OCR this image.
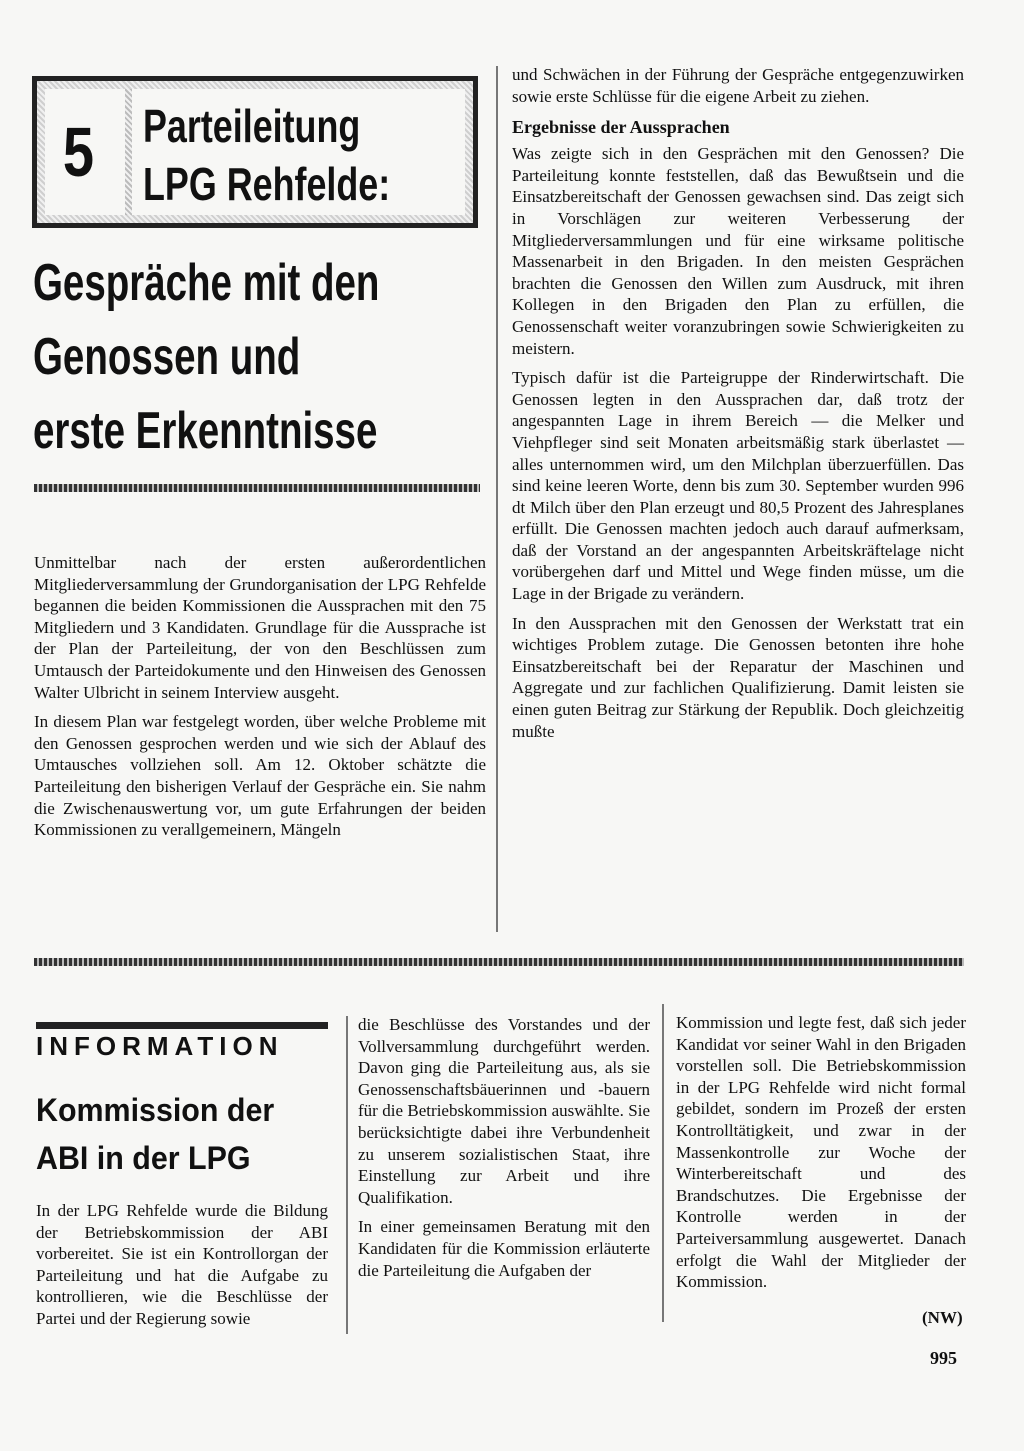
5 Parteileitung
LPG Rehfelde:
Gespräche mit den
Genossen und
erste Erkenntnisse

Unmittelbar nach der ersten außerordentlichen Mitgliederversammlung der Grundorganisation der LPG Rehfelde begannen die beiden Kommissionen die Aussprachen mit den 75 Mitgliedern und 3 Kandidaten. Grundlage für die Aussprache ist der Plan der Parteileitung, der von den Beschlüssen zum Umtausch der Parteidokumente und den Hinweisen des Genossen Walter Ulbricht in seinem Interview ausgeht.

In diesem Plan war festgelegt worden, über welche Probleme mit den Genossen gesprochen werden und wie sich der Ablauf des Umtausches vollziehen soll. Am 12. Oktober schätzte die Parteileitung den bisherigen Verlauf der Gespräche ein. Sie nahm die Zwischenauswertung vor, um gute Erfahrungen der beiden Kommissionen zu verallgemeinern, Mängeln

und Schwächen in der Führung der Gespräche entgegenzuwirken sowie erste Schlüsse für die eigene Arbeit zu ziehen.

Ergebnisse der Aussprachen

Was zeigte sich in den Gesprächen mit den Genossen? Die Parteileitung konnte feststellen, daß das Bewußtsein und die Einsatzbereitschaft der Genossen gewachsen sind. Das zeigt sich in Vorschlägen zur weiteren Verbesserung der Mitgliederversammlungen und für eine wirksame politische Massenarbeit in den Brigaden. In den meisten Gesprächen brachten die Genossen den Willen zum Ausdruck, mit ihren Kollegen in den Brigaden den Plan zu erfüllen, die Genossenschaft weiter voranzubringen sowie Schwierigkeiten zu meistern.

Typisch dafür ist die Parteigruppe der Rinderwirtschaft. Die Genossen legten in den Aussprachen dar, daß trotz der angespannten Lage in ihrem Bereich — die Melker und Viehpfleger sind seit Monaten arbeitsmäßig stark überlastet — alles unternommen wird, um den Milchplan überzuerfüllen. Das sind keine leeren Worte, denn bis zum 30. September wurden 996 dt Milch über den Plan erzeugt und 80,5 Prozent des Jahresplanes erfüllt. Die Genossen machten jedoch auch darauf aufmerksam, daß der Vorstand an der angespannten Arbeitskräftelage nicht vorübergehen darf und Mittel und Wege finden müsse, um die Lage in der Brigade zu verändern.

In den Aussprachen mit den Genossen der Werkstatt trat ein wichtiges Problem zutage. Die Genossen betonten ihre hohe Einsatzbereitschaft bei der Reparatur der Maschinen und Aggregate und zur fachlichen Qualifizierung. Damit leisten sie einen guten Beitrag zur Stärkung der Republik. Doch gleichzeitig mußte

INFORMATION
Kommission der
ABI in der LPG

In der LPG Rehfelde wurde die Bildung der Betriebskommission der ABI vorbereitet. Sie ist ein Kontrollorgan der Parteileitung und hat die Aufgabe zu kontrollieren, wie die Beschlüsse der Partei und der Regierung sowie

die Beschlüsse des Vorstandes und der Vollversammlung durchgeführt werden. Davon ging die Parteileitung aus, als sie Genossenschaftsbäuerinnen und -bauern für die Betriebskommission auswählte. Sie berücksichtigte dabei ihre Verbundenheit zu unserem sozialistischen Staat, ihre Einstellung zur Arbeit und ihre Qualifikation.

In einer gemeinsamen Beratung mit den Kandidaten für die Kommission erläuterte die Parteileitung die Aufgaben der

Kommission und legte fest, daß sich jeder Kandidat vor seiner Wahl in den Brigaden vorstellen soll. Die Betriebskommission in der LPG Rehfelde wird nicht formal gebildet, sondern im Prozeß der ersten Kontrolltätigkeit, und zwar in der Massenkontrolle zur Woche der Winterbereitschaft und des Brandschutzes. Die Ergebnisse der Kontrolle werden in der Parteiversammlung ausgewertet. Danach erfolgt die Wahl der Mitglieder der Kommission.

(NW)
995
